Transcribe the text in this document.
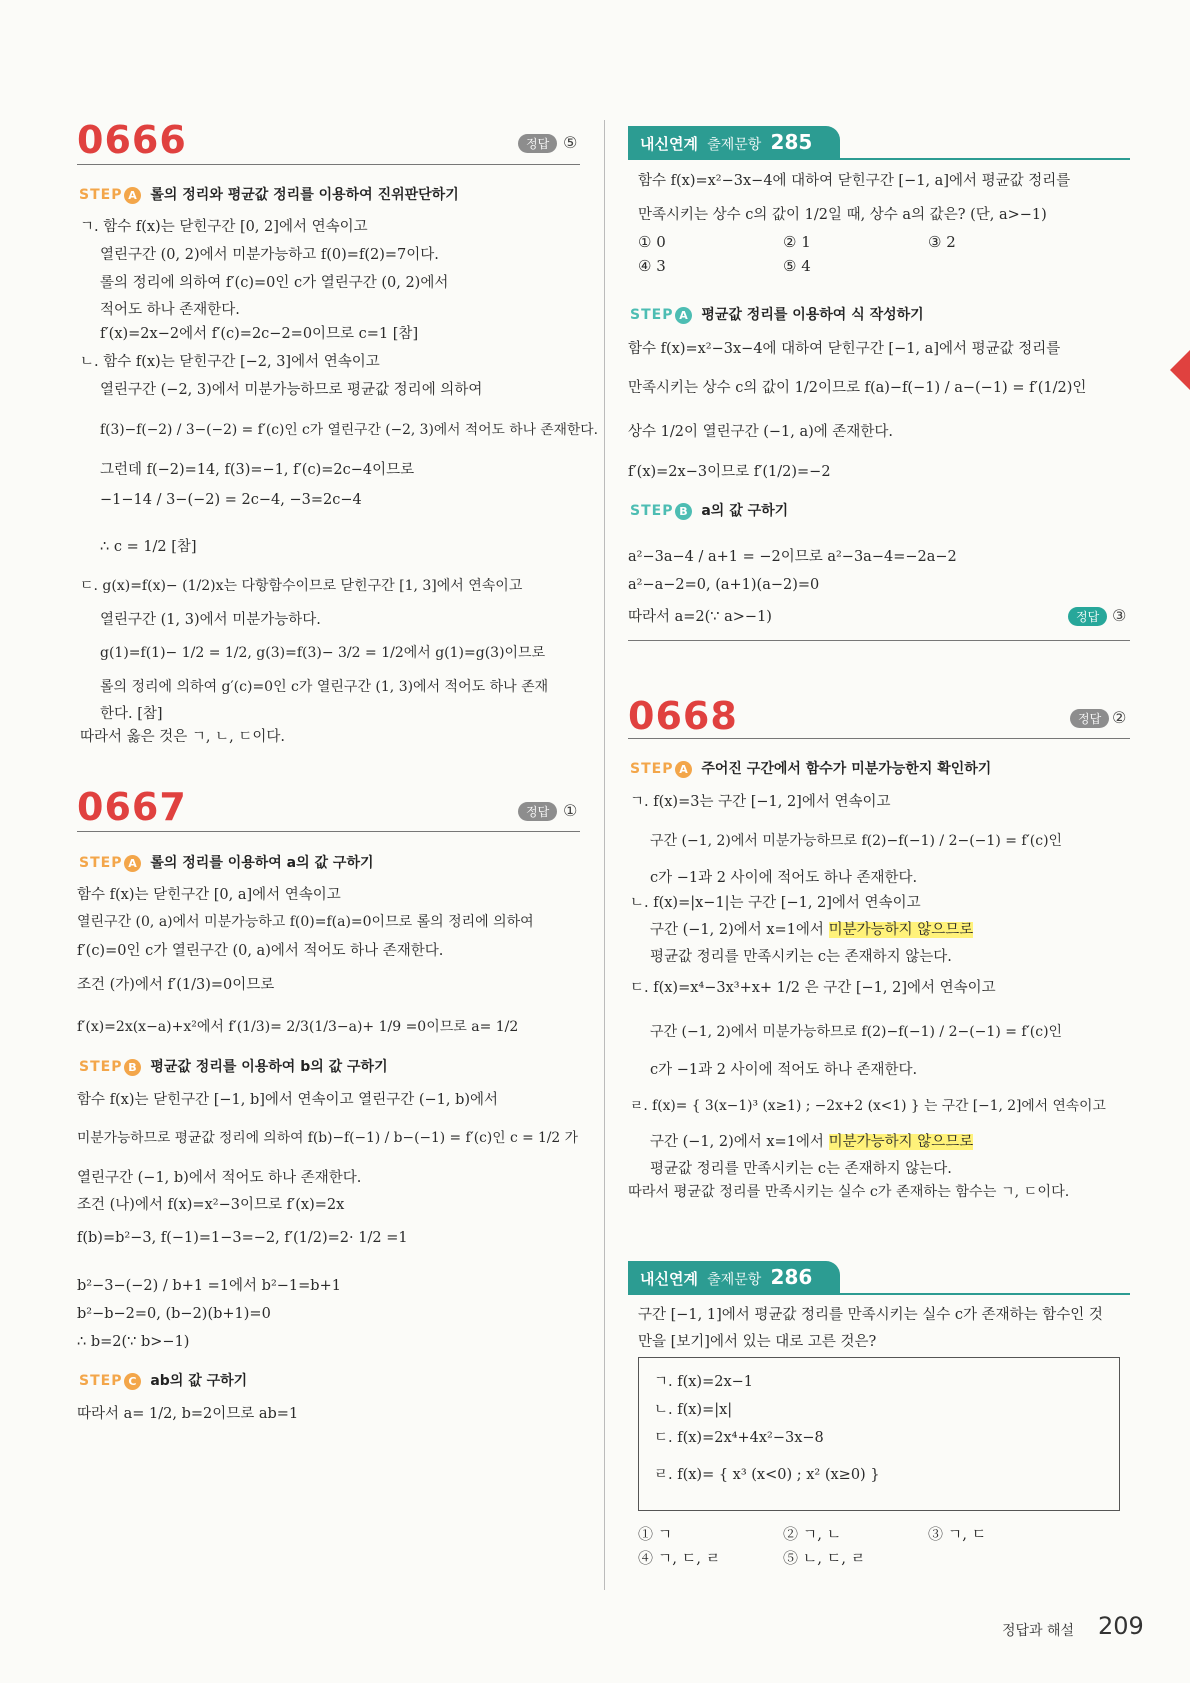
0666	정답 ⑤
STEP A 롤의 정리와 평균값 정리를 이용하여 진위판단하기
ㄱ. 함수 f(x)는 닫힌구간 [0, 2]에서 연속이고
열린구간 (0, 2)에서 미분가능하고 f(0)=f(2)=7이다.
롤의 정리에 의하여 f′(c)=0인 c가 열린구간 (0, 2)에서
적어도 하나 존재한다.
f′(x)=2x−2에서 f′(c)=2c−2=0이므로 c=1 [참]
ㄴ. 함수 f(x)는 닫힌구간 [−2, 3]에서 연속이고
열린구간 (−2, 3)에서 미분가능하므로 평균값 정리에 의하여
f(3)−f(−2) / 3−(−2) = f′(c)인 c가 열린구간 (−2, 3)에서 적어도 하나 존재한다.
그런데 f(−2)=14, f(3)=−1, f′(c)=2c−4이므로
−1−14 / 3−(−2) = 2c−4, −3=2c−4
∴ c = 1/2 [참]
ㄷ. g(x)=f(x)− (1/2)x는 다항함수이므로 닫힌구간 [1, 3]에서 연속이고
열린구간 (1, 3)에서 미분가능하다.
g(1)=f(1)− 1/2 = 1/2, g(3)=f(3)− 3/2 = 1/2에서 g(1)=g(3)이므로
롤의 정리에 의하여 g′(c)=0인 c가 열린구간 (1, 3)에서 적어도 하나 존재
한다. [참]
따라서 옳은 것은 ㄱ, ㄴ, ㄷ이다.
0667	정답 ①
STEP A 롤의 정리를 이용하여 a의 값 구하기
함수 f(x)는 닫힌구간 [0, a]에서 연속이고
열린구간 (0, a)에서 미분가능하고 f(0)=f(a)=0이므로 롤의 정리에 의하여
f′(c)=0인 c가 열린구간 (0, a)에서 적어도 하나 존재한다.
조건 (가)에서 f′(1/3)=0이므로
f′(x)=2x(x−a)+x²에서 f′(1/3)= 2/3(1/3−a)+ 1/9 =0이므로 a= 1/2
STEP B 평균값 정리를 이용하여 b의 값 구하기
함수 f(x)는 닫힌구간 [−1, b]에서 연속이고 열린구간 (−1, b)에서
미분가능하므로 평균값 정리에 의하여 f(b)−f(−1) / b−(−1) = f′(c)인 c = 1/2 가
열린구간 (−1, b)에서 적어도 하나 존재한다.
조건 (나)에서 f(x)=x²−3이므로 f′(x)=2x
f(b)=b²−3, f(−1)=1−3=−2, f′(1/2)=2· 1/2 =1
b²−3−(−2) / b+1 =1에서 b²−1=b+1
b²−b−2=0, (b−2)(b+1)=0
∴ b=2(∵ b>−1)
STEP C ab의 값 구하기
따라서 a= 1/2, b=2이므로 ab=1
내신연계 출제문항 285
함수 f(x)=x²−3x−4에 대하여 닫힌구간 [−1, a]에서 평균값 정리를
만족시키는 상수 c의 값이 1/2일 때, 상수 a의 값은? (단, a>−1)
① 0	② 1	③ 2
④ 3	⑤ 4
STEP A 평균값 정리를 이용하여 식 작성하기
함수 f(x)=x²−3x−4에 대하여 닫힌구간 [−1, a]에서 평균값 정리를
만족시키는 상수 c의 값이 1/2이므로 f(a)−f(−1) / a−(−1) = f′(1/2)인
상수 1/2이 열린구간 (−1, a)에 존재한다.
f′(x)=2x−3이므로 f′(1/2)=−2
STEP B a의 값 구하기
a²−3a−4 / a+1 = −2이므로 a²−3a−4=−2a−2
a²−a−2=0, (a+1)(a−2)=0
따라서 a=2(∵ a>−1)	정답 ③
0668	정답 ②
STEP A 주어진 구간에서 함수가 미분가능한지 확인하기
ㄱ. f(x)=3는 구간 [−1, 2]에서 연속이고
구간 (−1, 2)에서 미분가능하므로 f(2)−f(−1) / 2−(−1) = f′(c)인
c가 −1과 2 사이에 적어도 하나 존재한다.
ㄴ. f(x)=|x−1|는 구간 [−1, 2]에서 연속이고
구간 (−1, 2)에서 x=1에서 미분가능하지 않으므로
평균값 정리를 만족시키는 c는 존재하지 않는다.
ㄷ. f(x)=x⁴−3x³+x+ 1/2 은 구간 [−1, 2]에서 연속이고
구간 (−1, 2)에서 미분가능하므로 f(2)−f(−1) / 2−(−1) = f′(c)인
c가 −1과 2 사이에 적어도 하나 존재한다.
ㄹ. f(x)= { 3(x−1)³ (x≥1) ; −2x+2 (x<1) } 는 구간 [−1, 2]에서 연속이고
구간 (−1, 2)에서 x=1에서 미분가능하지 않으므로
평균값 정리를 만족시키는 c는 존재하지 않는다.
따라서 평균값 정리를 만족시키는 실수 c가 존재하는 함수는 ㄱ, ㄷ이다.
내신연계 출제문항 286
구간 [−1, 1]에서 평균값 정리를 만족시키는 실수 c가 존재하는 함수인 것
만을 [보기]에서 있는 대로 고른 것은?
ㄱ. f(x)=2x−1
ㄴ. f(x)=|x|
ㄷ. f(x)=2x⁴+4x²−3x−8
ㄹ. f(x)= { x³ (x<0) ; x² (x≥0) }
① ㄱ	② ㄱ, ㄴ	③ ㄱ, ㄷ
④ ㄱ, ㄷ, ㄹ	⑤ ㄴ, ㄷ, ㄹ
정답과 해설 209
